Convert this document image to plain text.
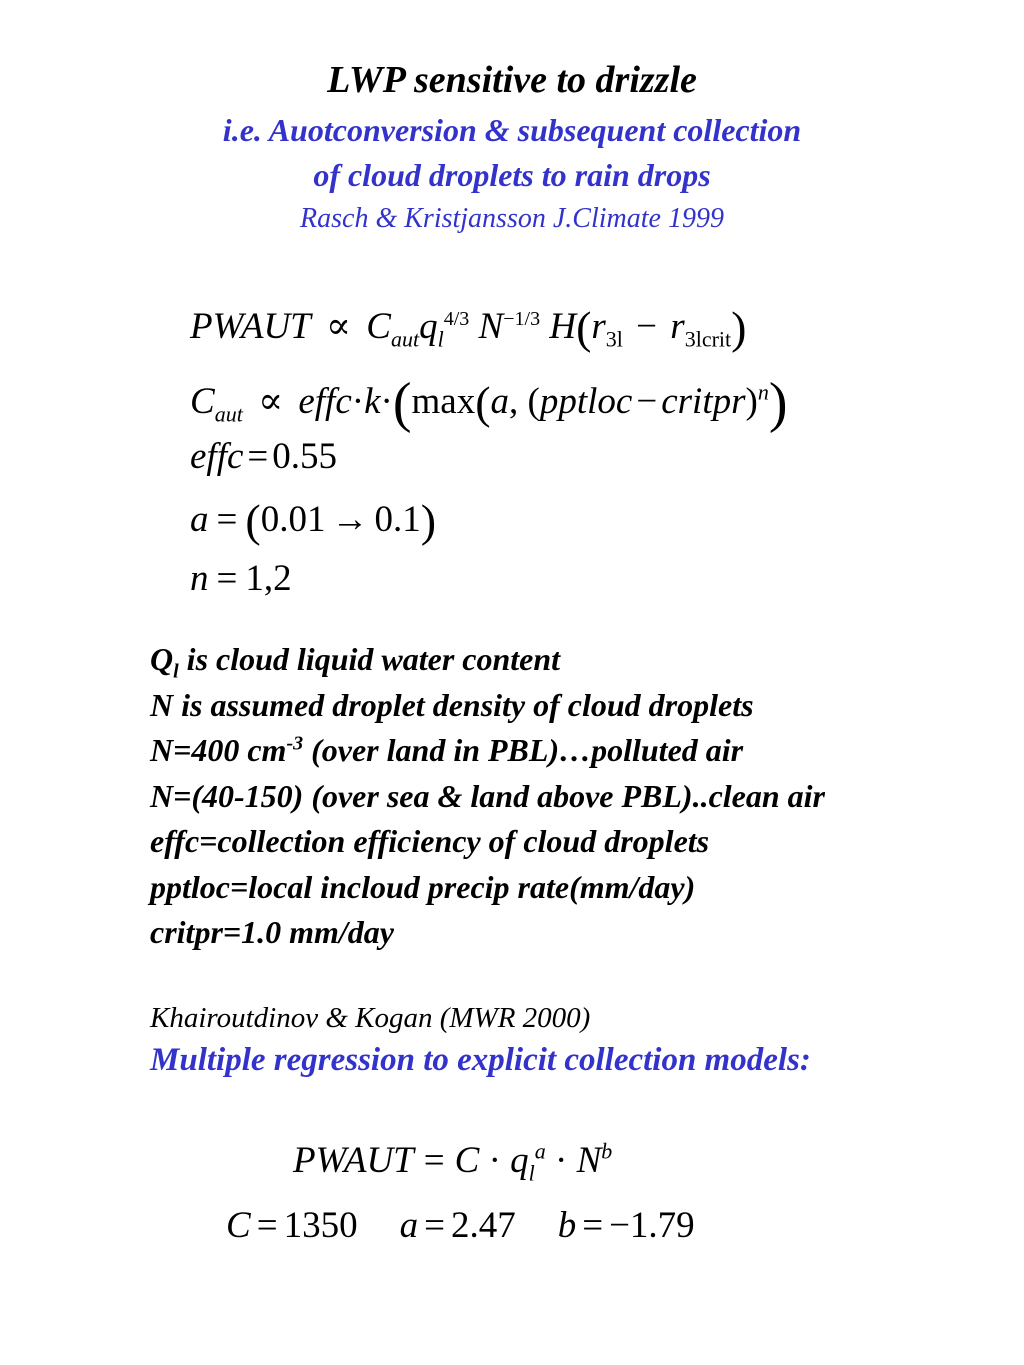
LWP sensitive to drizzle
i.e. Auotconversion & subsequent collection
of cloud droplets to rain drops
Rasch & Kristjansson J.Climate 1999
PWAUT ∝ $C_{aut}q_l^{4/3}$ $N^{-1/3}$ $H(r_{3l} - r_{3lcrit})$
$C_{aut}$ ∝ effc·k·(max(a, (pptloc − critpr)$^n$)
effc = 0.55
a = (0.01 → 0.1)
n = 1,2
$Q_l$ is cloud liquid water content
N is assumed droplet density of cloud droplets
N=400 $cm^{-3}$ (over land in PBL)…polluted air
N=(40-150) (over sea & land above PBL)..clean air
effc=collection efficiency of cloud droplets
pptloc=local incloud precip rate(mm/day)
critpr=1.0 mm/day
Khairoutdinov & Kogan (MWR 2000)
Multiple regression to explicit collection models:
PWAUT = $C \cdot q_l^a \cdot N^b$
C = 1350 a = 2.47 b = −1.79
